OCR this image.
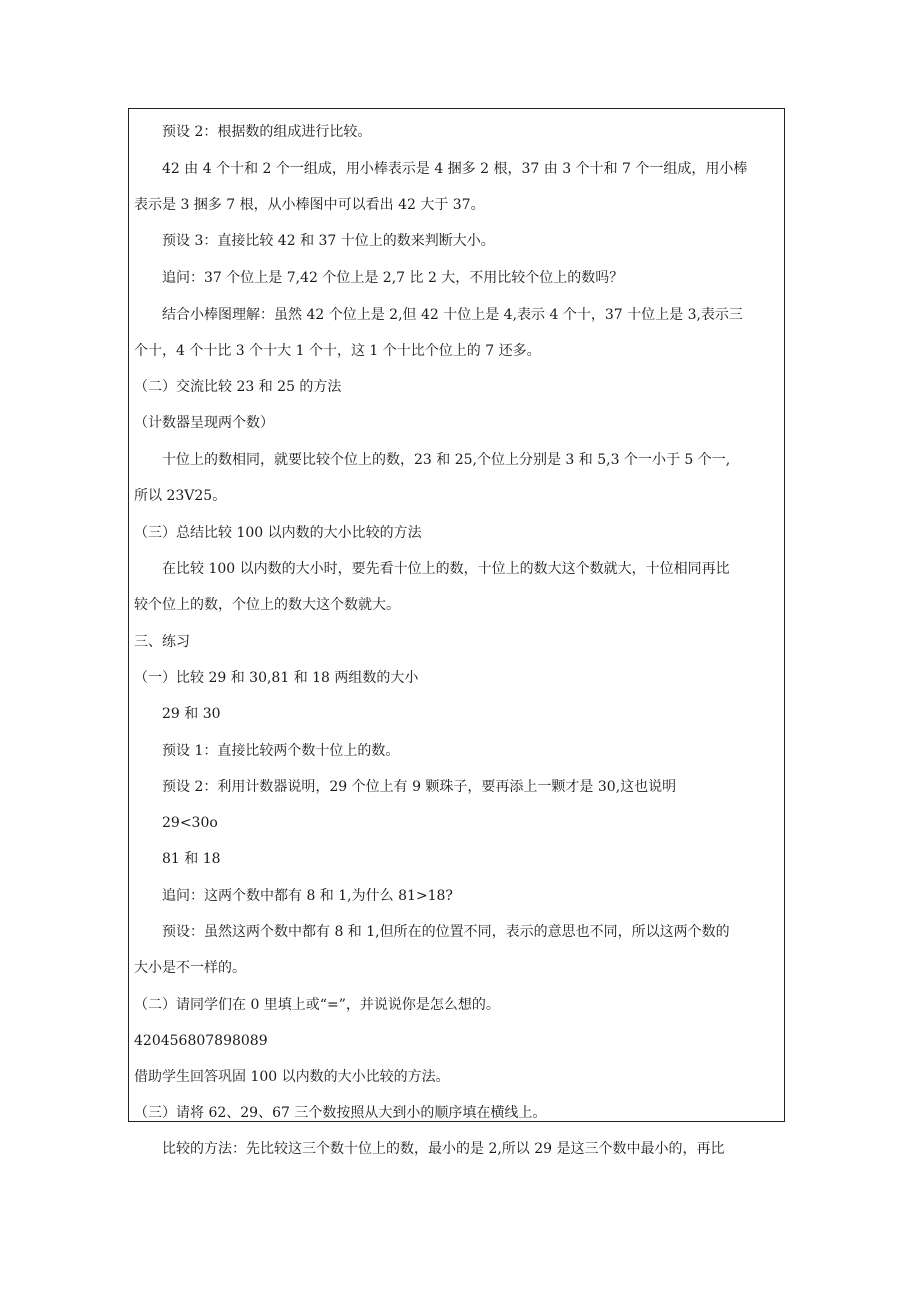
预设 2：根据数的组成进行比较。

42 由 4 个十和 2 个一组成，用小棒表示是 4 捆多 2 根，37 由 3 个十和 7 个一组成，用小棒

表示是 3 捆多 7 根，从小棒图中可以看出 42 大于 37。

预设 3：直接比较 42 和 37 十位上的数来判断大小。

追问：37 个位上是 7,42 个位上是 2,7 比 2 大，不用比较个位上的数吗？

结合小棒图理解：虽然 42 个位上是 2,但 42 十位上是 4,表示 4 个十，37 十位上是 3,表示三

个十，4 个十比 3 个十大 1 个十，这 1 个十比个位上的 7 还多。

（二）交流比较 23 和 25 的方法

（计数器呈现两个数）

十位上的数相同，就要比较个位上的数，23 和 25,个位上分别是 3 和 5,3 个一小于 5 个一,

所以 23V25。

（三）总结比较 100 以内数的大小比较的方法

在比较 100 以内数的大小时，要先看十位上的数，十位上的数大这个数就大，十位相同再比

较个位上的数，个位上的数大这个数就大。

三、练习

（一）比较 29 和 30,81 和 18 两组数的大小

29 和 30

预设 1：直接比较两个数十位上的数。

预设 2：利用计数器说明，29 个位上有 9 颗珠子，要再添上一颗才是 30,这也说明

29<30o

81 和 18

追问：这两个数中都有 8 和 1,为什么 81>18?

预设：虽然这两个数中都有 8 和 1,但所在的位置不同，表示的意思也不同，所以这两个数的

大小是不一样的。

（二）请同学们在 0 里填上或“=”，并说说你是怎么想的。

420456807898089

借助学生回答巩固 100 以内数的大小比较的方法。

（三）请将 62、29、67 三个数按照从大到小的顺序填在横线上。

比较的方法：先比较这三个数十位上的数，最小的是 2,所以 29 是这三个数中最小的，再比
